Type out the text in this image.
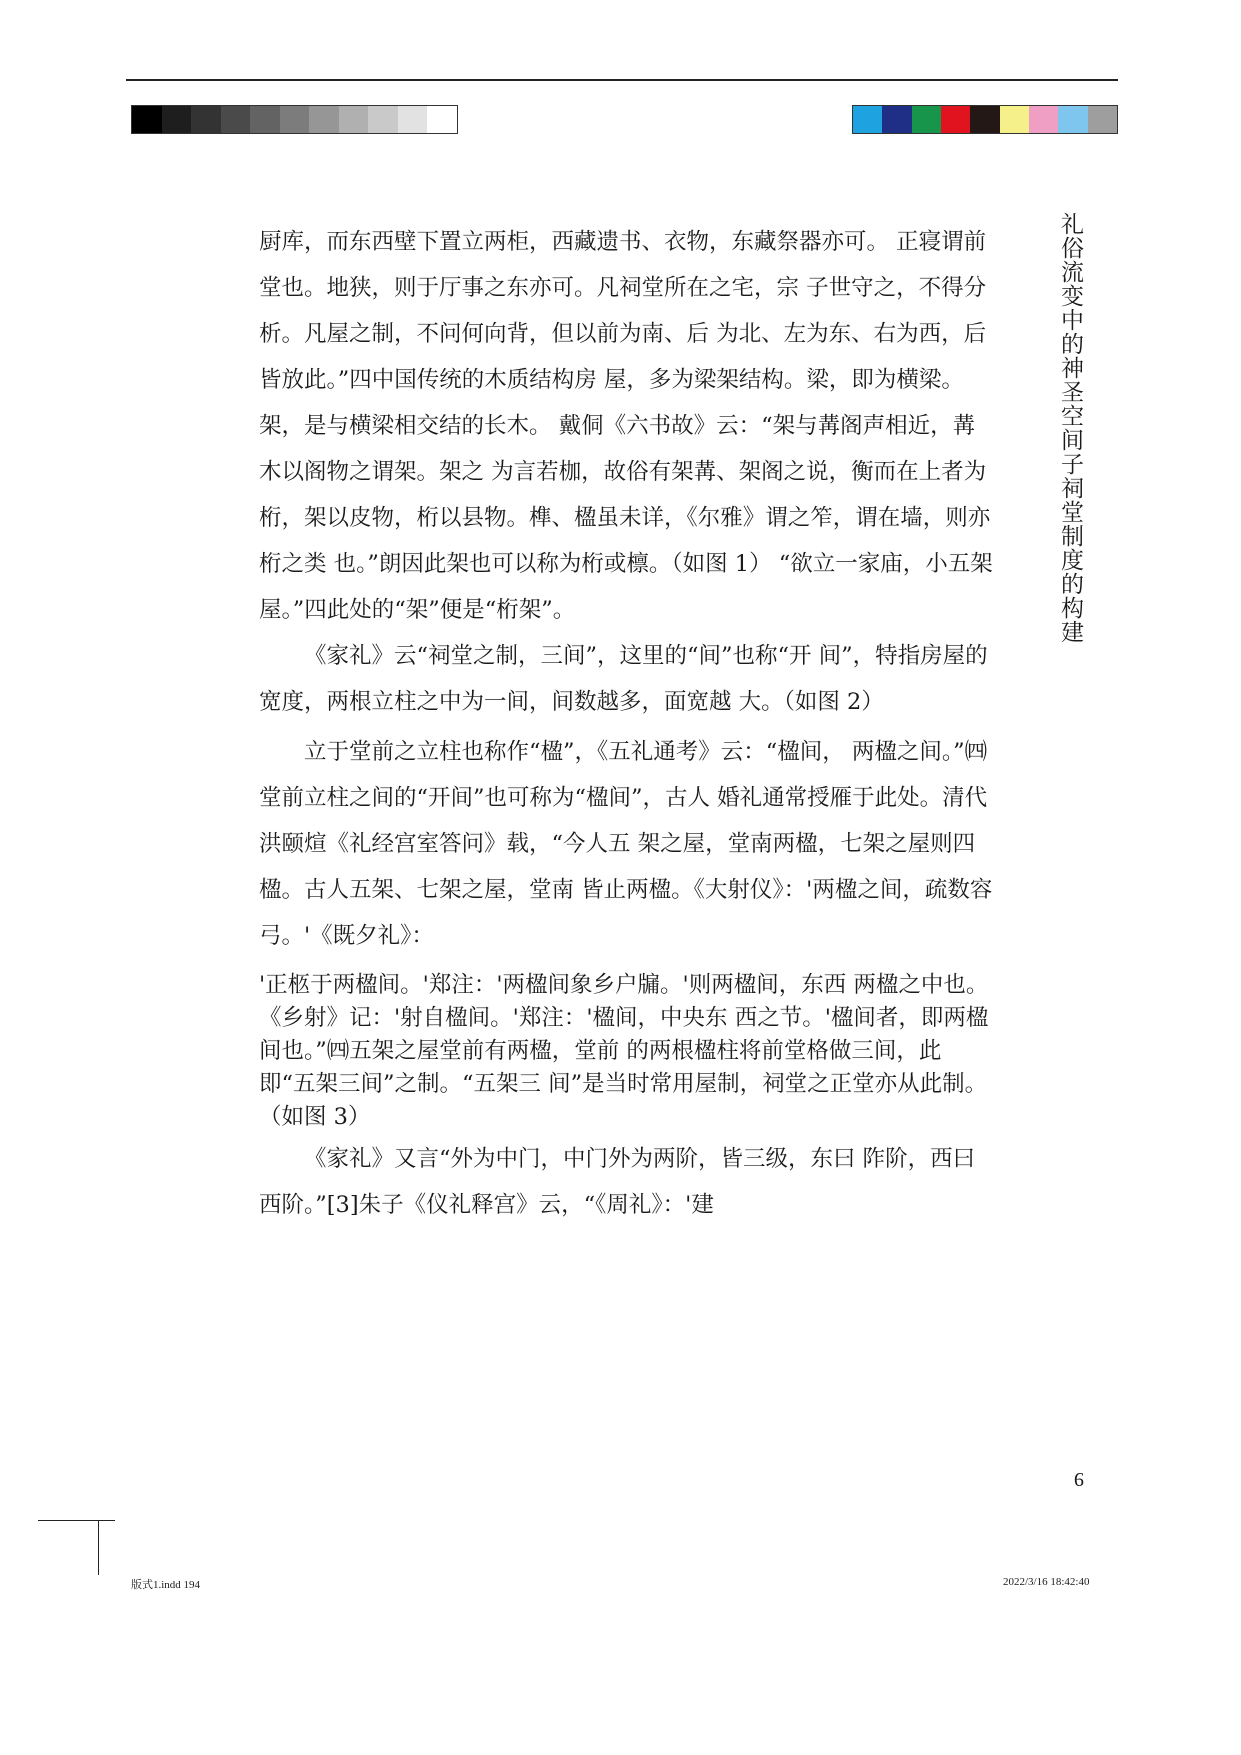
厨库，而东西壁下置立两柜，西藏遗书、衣物，东藏祭器亦可。 正寝谓前堂也。地狭，则于厅事之东亦可。凡祠堂所在之宅，宗 子世守之，不得分析。凡屋之制，不问何向背，但以前为南、后 为北、左为东、右为西，后皆放此。”四中国传统的木质结构房 屋，多为梁架结构。梁，即为横梁。架，是与横梁相交结的长木。 戴侗《六书故》云：“架与冓阁声相近，冓木以阁物之谓架。架之 为言若枷，故俗有架冓、架阁之说，衡而在上者为桁，架以皮物，桁以县物。榫、楹虽未详，《尔雅》谓之笮，谓在墙，则亦桁之类 也。”朗因此架也可以称为桁或檩。（如图 1） “欲立一家庙，小五架屋。”四此处的“架”便是“桁架”。

《家礼》云“祠堂之制，三间”，这里的“间”也称“开 间”，特指房屋的宽度，两根立柱之中为一间，间数越多，面宽越 大。（如图 2）

立于堂前之立柱也称作“楹”，《五礼通考》云：“楹间， 两楹之间。”㈣堂前立柱之间的“开间”也可称为“楹间”，古人 婚礼通常授雁于此处。清代洪颐煊《礼经宫室答问》载，“今人五 架之屋，堂南两楹，七架之屋则四楹。古人五架、七架之屋，堂南 皆止两楹。《大射仪》：'两楹之间，疏数容弓。'《既夕礼》：

'正柩于两楹间。'郑注：'两楹间象乡户牖。'则两楹间，东西 两楹之中也。《乡射》记：'射自楹间。'郑注：'楹间，中央东 西之节。'楹间者，即两楹间也。”㈣五架之屋堂前有两楹，堂前 的两根楹柱将前堂格做三间，此即“五架三间”之制。“五架三 间”是当时常用屋制，祠堂之正堂亦从此制。（如图 3）

《家礼》又言“外为中门，中门外为两阶，皆三级，东曰 阼阶，西曰西阶。”[3]朱子《仪礼释宫》云，“《周礼》：'建

礼俗流变中的神圣空间子祠堂制度的构建
9
版式1.indd 194	2022/3/16 18:42:40
